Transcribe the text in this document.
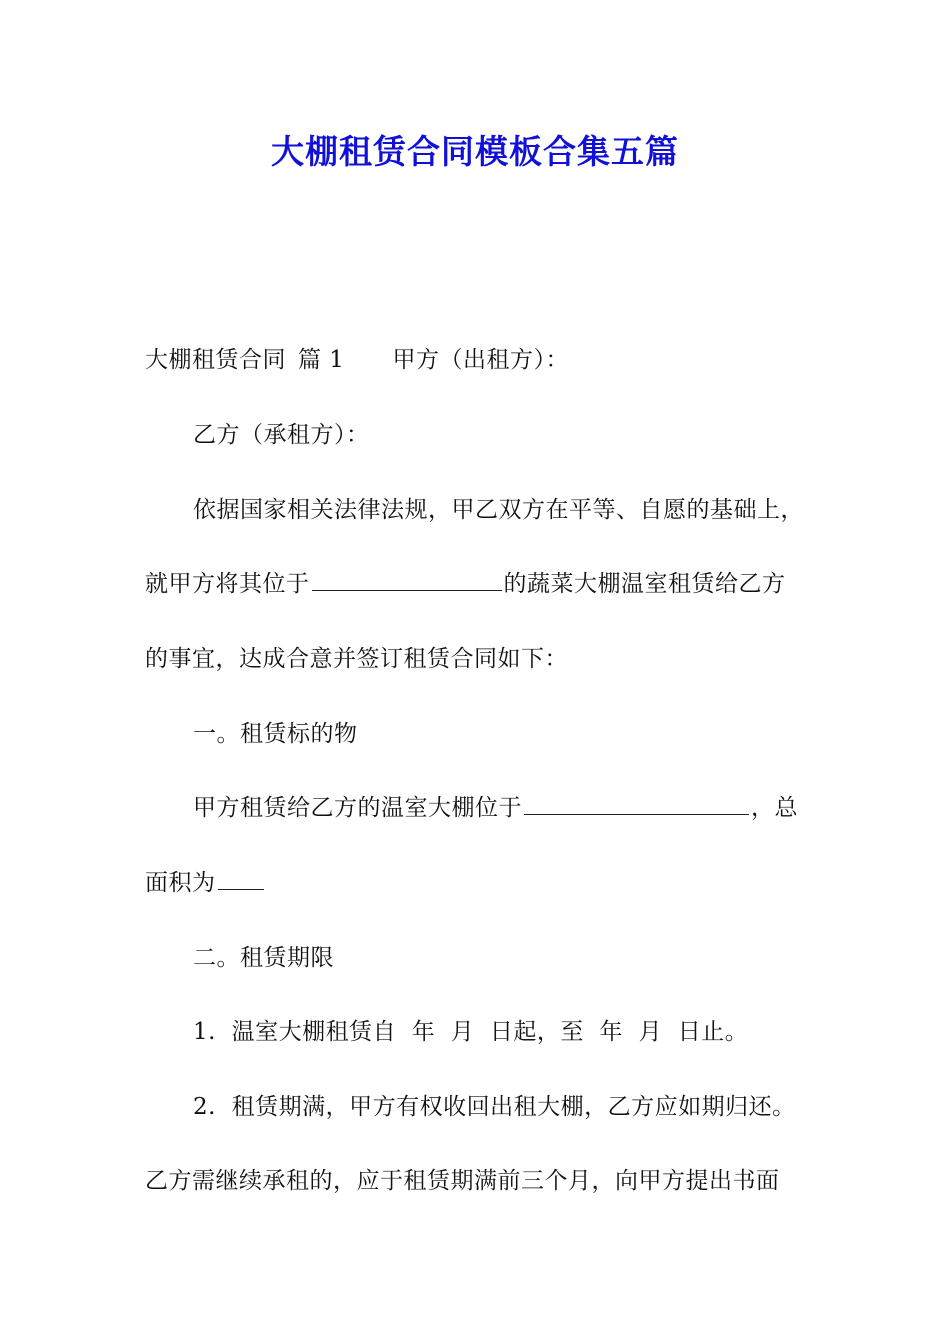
大棚租赁合同模板合集五篇
大棚租赁合同 篇 1 甲方（出租方）：
乙方（承租方）：
依据国家相关法律法规，甲乙双方在平等、自愿的基础上，
就甲方将其位于	的蔬菜大棚温室租赁给乙方
的事宜，达成合意并签订租赁合同如下：
一。租赁标的物
甲方租赁给乙方的温室大棚位于	，总
面积为
二。租赁期限
1.  温室大棚租赁自  年  月  日起，至  年  月  日止。
2.  租赁期满，甲方有权收回出租大棚，乙方应如期归还。
乙方需继续承租的，应于租赁期满前三个月，向甲方提出书面
